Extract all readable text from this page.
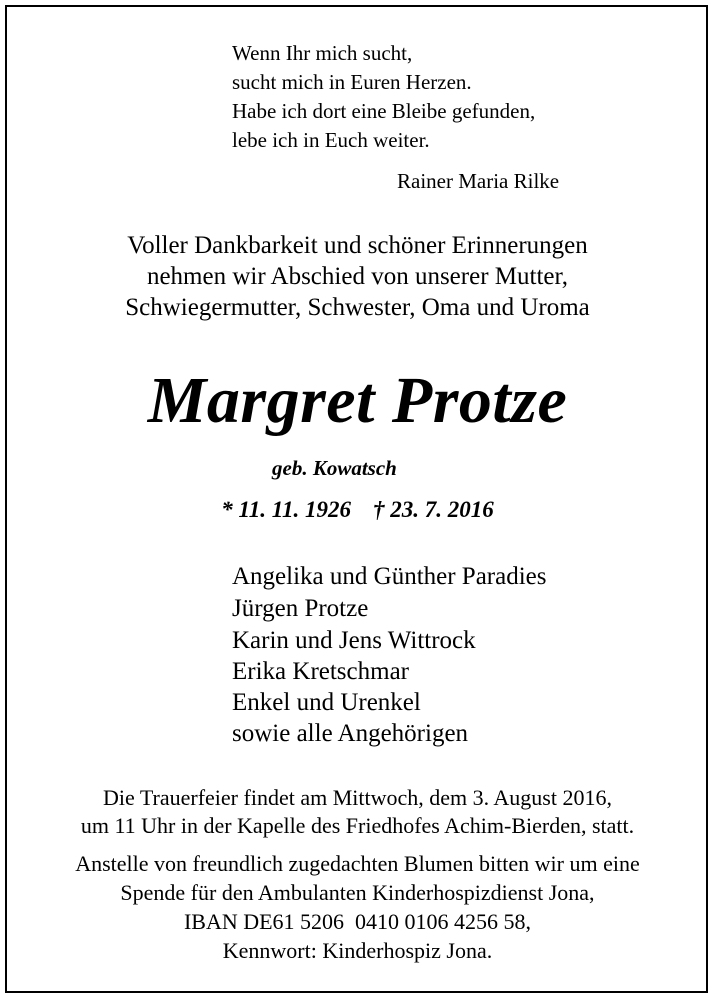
Wenn Ihr mich sucht,
sucht mich in Euren Herzen.
Habe ich dort eine Bleibe gefunden,
lebe ich in Euch weiter.
Rainer Maria Rilke
Voller Dankbarkeit und schöner Erinnerungen
nehmen wir Abschied von unserer Mutter,
Schwiegermutter, Schwester, Oma und Uroma
Margret Protze
geb. Kowatsch
* 11. 11. 1926 † 23. 7. 2016
Angelika und Günther Paradies
Jürgen Protze
Karin und Jens Wittrock
Erika Kretschmar
Enkel und Urenkel
sowie alle Angehörigen
Die Trauerfeier findet am Mittwoch, dem 3. August 2016,
um 11 Uhr in der Kapelle des Friedhofes Achim-Bierden, statt.
Anstelle von freundlich zugedachten Blumen bitten wir um eine
Spende für den Ambulanten Kinderhospizdienst Jona,
IBAN DE61 5206  0410 0106 4256 58,
Kennwort: Kinderhospiz Jona.
